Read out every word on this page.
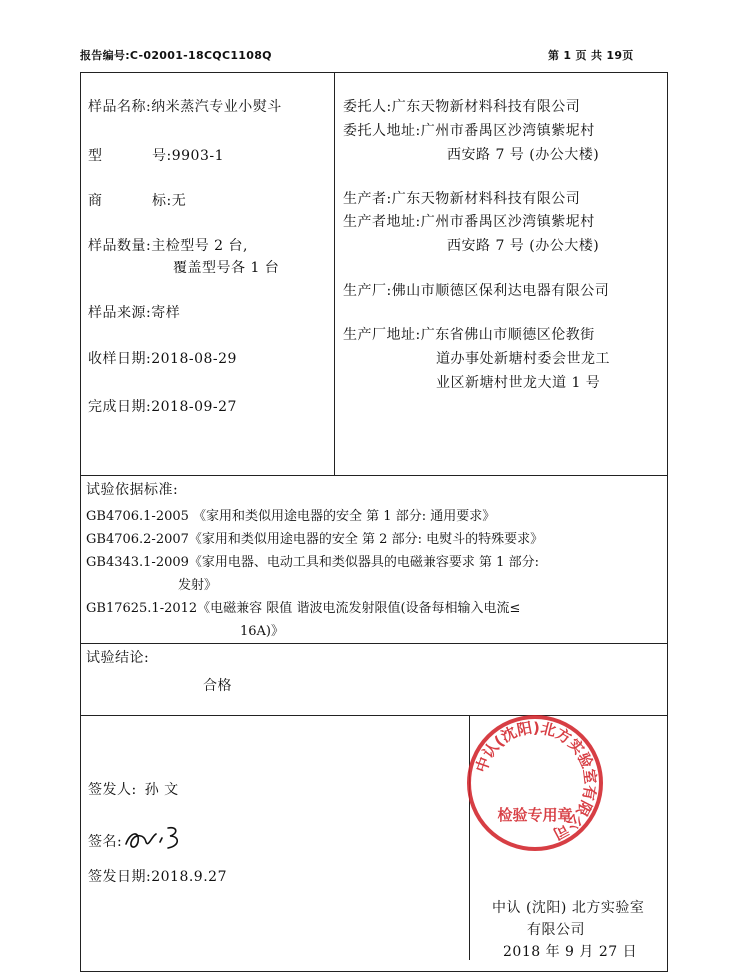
报告编号:C-02001-18CQC1108Q	第 1 页 共 19页
样品名称:纳米蒸汽专业小熨斗
型	号:9903-1
商	标:无
样品数量:主检型号 2 台,
覆盖型号各 1 台
样品来源:寄样
收样日期:2018-08-29
完成日期:2018-09-27
委托人:广东天物新材料科技有限公司
委托人地址:广州市番禺区沙湾镇紫坭村
西安路 7 号 (办公大楼)
生产者:广东天物新材料科技有限公司
生产者地址:广州市番禺区沙湾镇紫坭村
西安路 7 号 (办公大楼)
生产厂:佛山市顺德区保利达电器有限公司
生产厂地址:广东省佛山市顺德区伦教街
道办事处新塘村委会世龙工
业区新塘村世龙大道 1 号
试验依据标准:
GB4706.1-2005 《家用和类似用途电器的安全 第 1 部分: 通用要求》
GB4706.2-2007《家用和类似用途电器的安全 第 2 部分: 电熨斗的特殊要求》
GB4343.1-2009《家用电器、电动工具和类似器具的电磁兼容要求 第 1 部分:
发射》
GB17625.1-2012《电磁兼容 限值 谐波电流发射限值(设备每相输入电流≤
16A)》
试验结论:
合格
签发人: 孙 文
签名:
签发日期:2018.9.27
中认(沈阳)北方实验室有限公司
检验专用章
中认 (沈阳) 北方实验室
有限公司
2018 年 9 月 27 日
